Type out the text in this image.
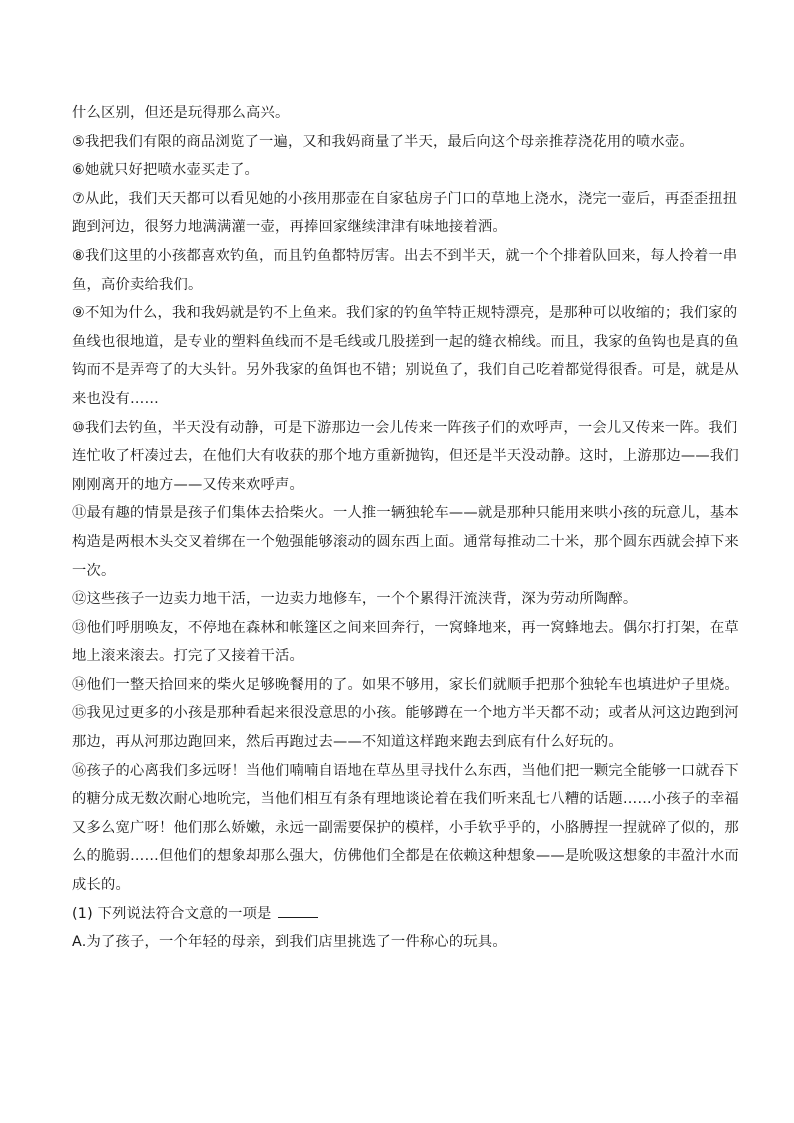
什么区别，但还是玩得那么高兴。
⑤我把我们有限的商品浏览了一遍，又和我妈商量了半天，最后向这个母亲推荐浇花用的喷水壶。
⑥她就只好把喷水壶买走了。
⑦从此，我们天天都可以看见她的小孩用那壶在自家毡房子门口的草地上浇水，浇完一壶后，再歪歪扭扭
跑到河边，很努力地满满灌一壶，再捧回家继续津津有味地接着洒。
⑧我们这里的小孩都喜欢钓鱼，而且钓鱼都特厉害。出去不到半天，就一个个排着队回来，每人拎着一串
鱼，高价卖给我们。
⑨不知为什么，我和我妈就是钓不上鱼来。我们家的钓鱼竿特正规特漂亮，是那种可以收缩的；我们家的
鱼线也很地道，是专业的塑料鱼线而不是毛线或几股搓到一起的缝衣棉线。而且，我家的鱼钩也是真的鱼
钩而不是弄弯了的大头针。另外我家的鱼饵也不错；别说鱼了，我们自己吃着都觉得很香。可是，就是从
来也没有……
⑩我们去钓鱼，半天没有动静，可是下游那边一会儿传来一阵孩子们的欢呼声，一会儿又传来一阵。我们
连忙收了杆凑过去，在他们大有收获的那个地方重新抛钩，但还是半天没动静。这时，上游那边——我们
刚刚离开的地方——又传来欢呼声。
⑪最有趣的情景是孩子们集体去拾柴火。一人推一辆独轮车——就是那种只能用来哄小孩的玩意儿，基本
构造是两根木头交叉着绑在一个勉强能够滚动的圆东西上面。通常每推动二十米，那个圆东西就会掉下来
一次。
⑫这些孩子一边卖力地干活，一边卖力地修车，一个个累得汗流浃背，深为劳动所陶醉。
⑬他们呼朋唤友，不停地在森林和帐篷区之间来回奔行，一窝蜂地来，再一窝蜂地去。偶尔打打架，在草
地上滚来滚去。打完了又接着干活。
⑭他们一整天拾回来的柴火足够晚餐用的了。如果不够用，家长们就顺手把那个独轮车也填进炉子里烧。
⑮我见过更多的小孩是那种看起来很没意思的小孩。能够蹲在一个地方半天都不动；或者从河这边跑到河
那边，再从河那边跑回来，然后再跑过去——不知道这样跑来跑去到底有什么好玩的。
⑯孩子的心离我们多远呀！当他们喃喃自语地在草丛里寻找什么东西，当他们把一颗完全能够一口就吞下
的糖分成无数次耐心地吮完，当他们相互有条有理地谈论着在我们听来乱七八糟的话题……小孩子的幸福
又多么宽广呀！他们那么娇嫩，永远一副需要保护的模样，小手软乎乎的，小胳膊捏一捏就碎了似的，那
么的脆弱……但他们的想象却那么强大，仿佛他们全都是在依赖这种想象——是吮吸这想象的丰盈汁水而
成长的。
(1) 下列说法符合文意的一项是
A.为了孩子，一个年轻的母亲，到我们店里挑选了一件称心的玩具。
